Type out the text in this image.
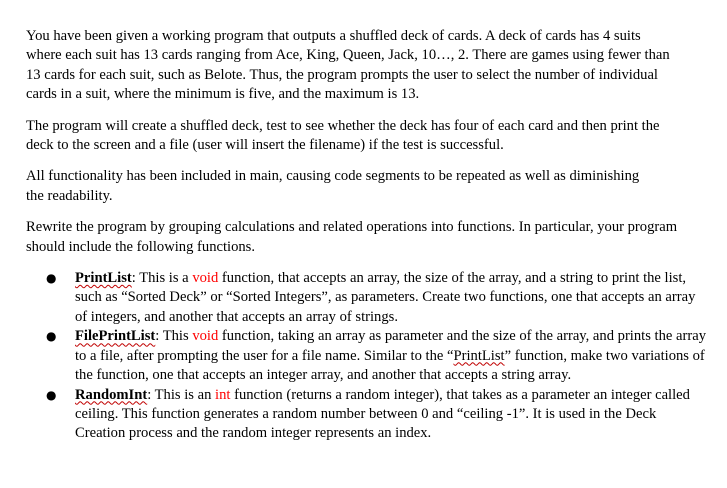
You have been given a working program that outputs a shuffled deck of cards. A deck of cards has 4 suits where each suit has 13 cards ranging from Ace, King, Queen, Jack, 10…, 2. There are games using fewer than 13 cards for each suit, such as Belote. Thus, the program prompts the user to select the number of individual cards in a suit, where the minimum is five, and the maximum is 13.

The program will create a shuffled deck, test to see whether the deck has four of each card and then print the deck to the screen and a file (user will insert the filename) if the test is successful.

All functionality has been included in main, causing code segments to be repeated as well as diminishing the readability.

Rewrite the program by grouping calculations and related operations into functions. In particular, your program should include the following functions.

● PrintList: This is a void function, that accepts an array, the size of the array, and a string to print the list, such as “Sorted Deck” or “Sorted Integers”, as parameters. Create two functions, one that accepts an array of integers, and another that accepts an array of strings.
● FilePrintList: This void function, taking an array as parameter and the size of the array, and prints the array to a file, after prompting the user for a file name. Similar to the “PrintList” function, make two variations of the function, one that accepts an integer array, and another that accepts a string array.
● RandomInt: This is an int function (returns a random integer), that takes as a parameter an integer called ceiling. This function generates a random number between 0 and “ceiling -1”. It is used in the Deck Creation process and the random integer represents an index.
